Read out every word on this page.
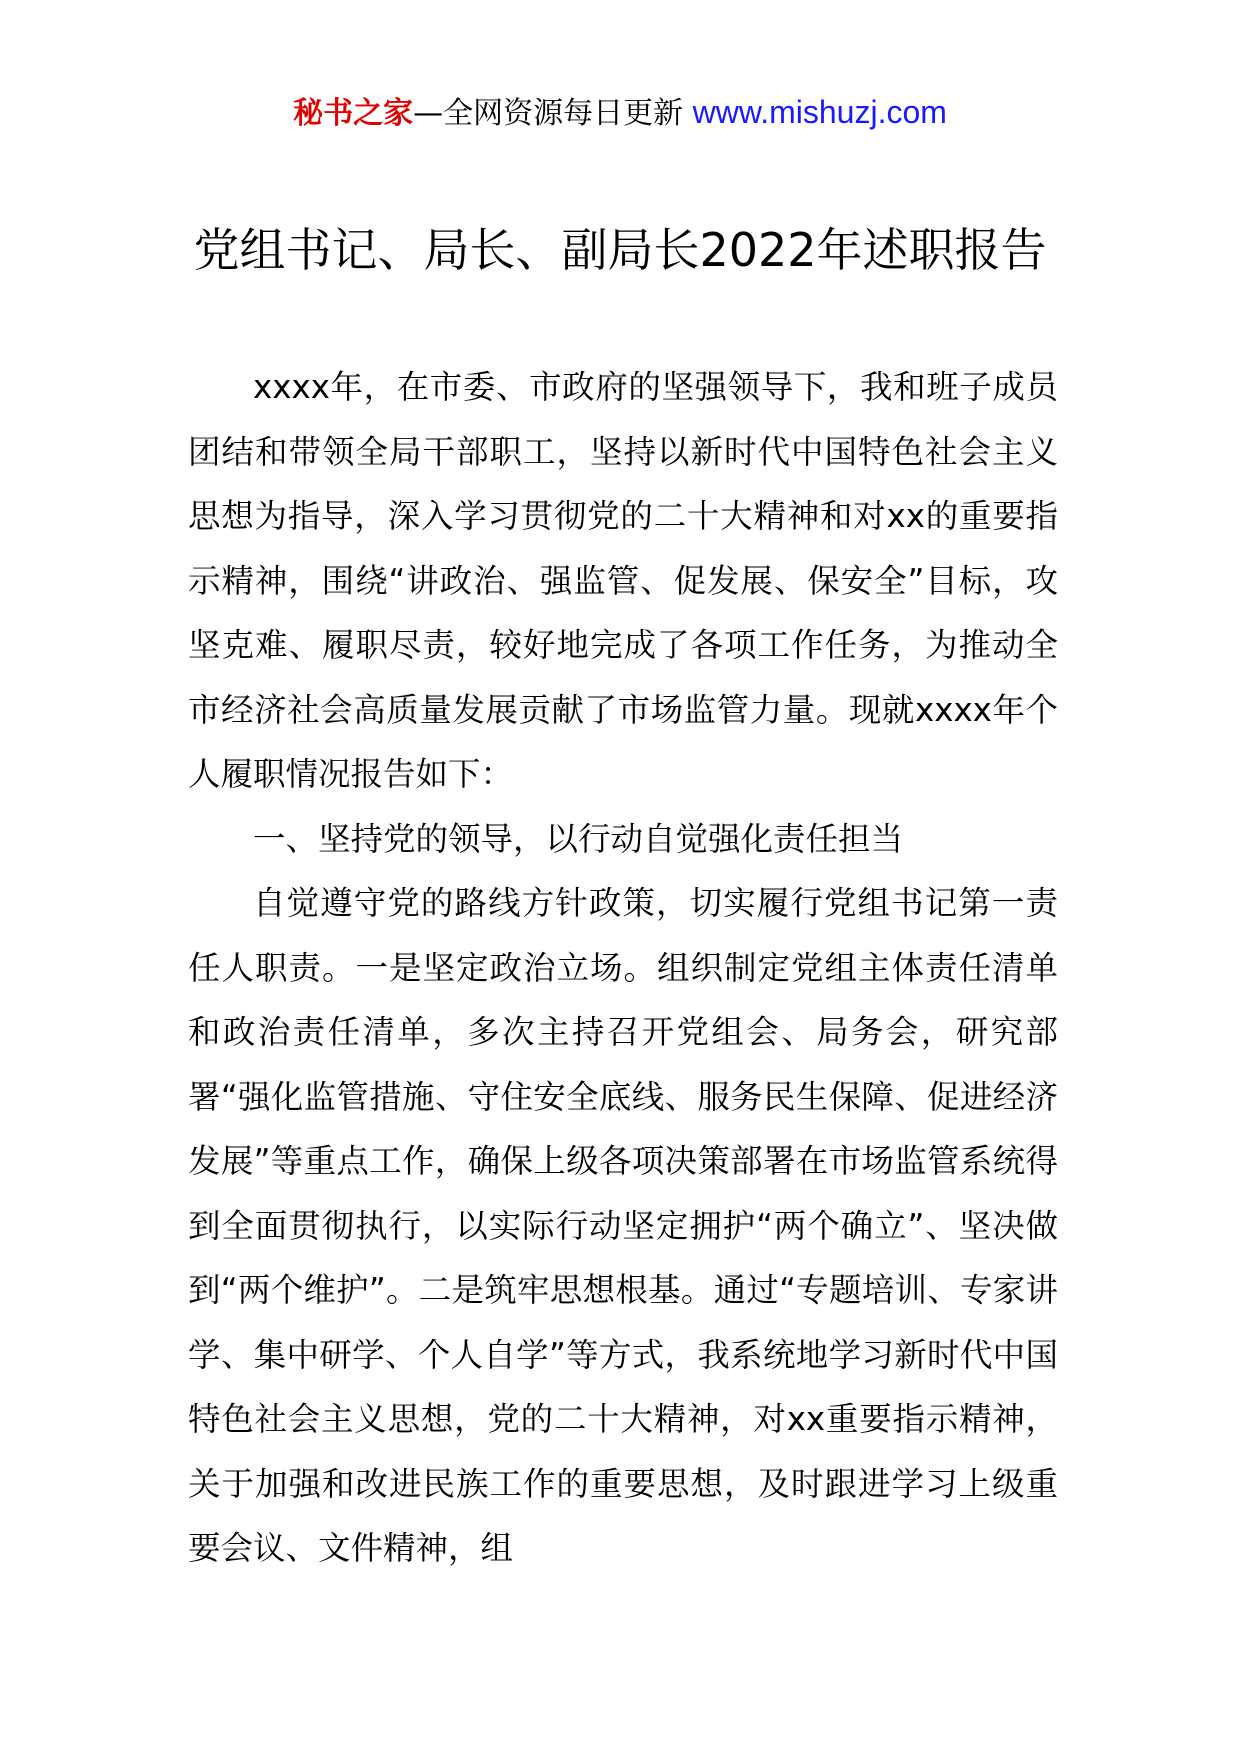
秘书之家—全网资源每日更新 www.mishuzj.com
党组书记、局长、副局长2022年述职报告

xxxx年，在市委、市政府的坚强领导下，我和班子成员团结和带领全局干部职工，坚持以新时代中国特色社会主义思想为指导，深入学习贯彻党的二十大精神和对xx的重要指示精神，围绕“讲政治、强监管、促发展、保安全”目标，攻坚克难、履职尽责，较好地完成了各项工作任务，为推动全市经济社会高质量发展贡献了市场监管力量。现就xxxx年个人履职情况报告如下：

一、坚持党的领导，以行动自觉强化责任担当

自觉遵守党的路线方针政策，切实履行党组书记第一责任人职责。一是坚定政治立场。组织制定党组主体责任清单和政治责任清单，多次主持召开党组会、局务会，研究部署“强化监管措施、守住安全底线、服务民生保障、促进经济发展”等重点工作，确保上级各项决策部署在市场监管系统得到全面贯彻执行，以实际行动坚定拥护“两个确立”、坚决做到“两个维护”。二是筑牢思想根基。通过“专题培训、专家讲学、集中研学、个人自学”等方式，我系统地学习新时代中国特色社会主义思想，党的二十大精神，对xx重要指示精神，关于加强和改进民族工作的重要思想，及时跟进学习上级重要会议、文件精神，组
